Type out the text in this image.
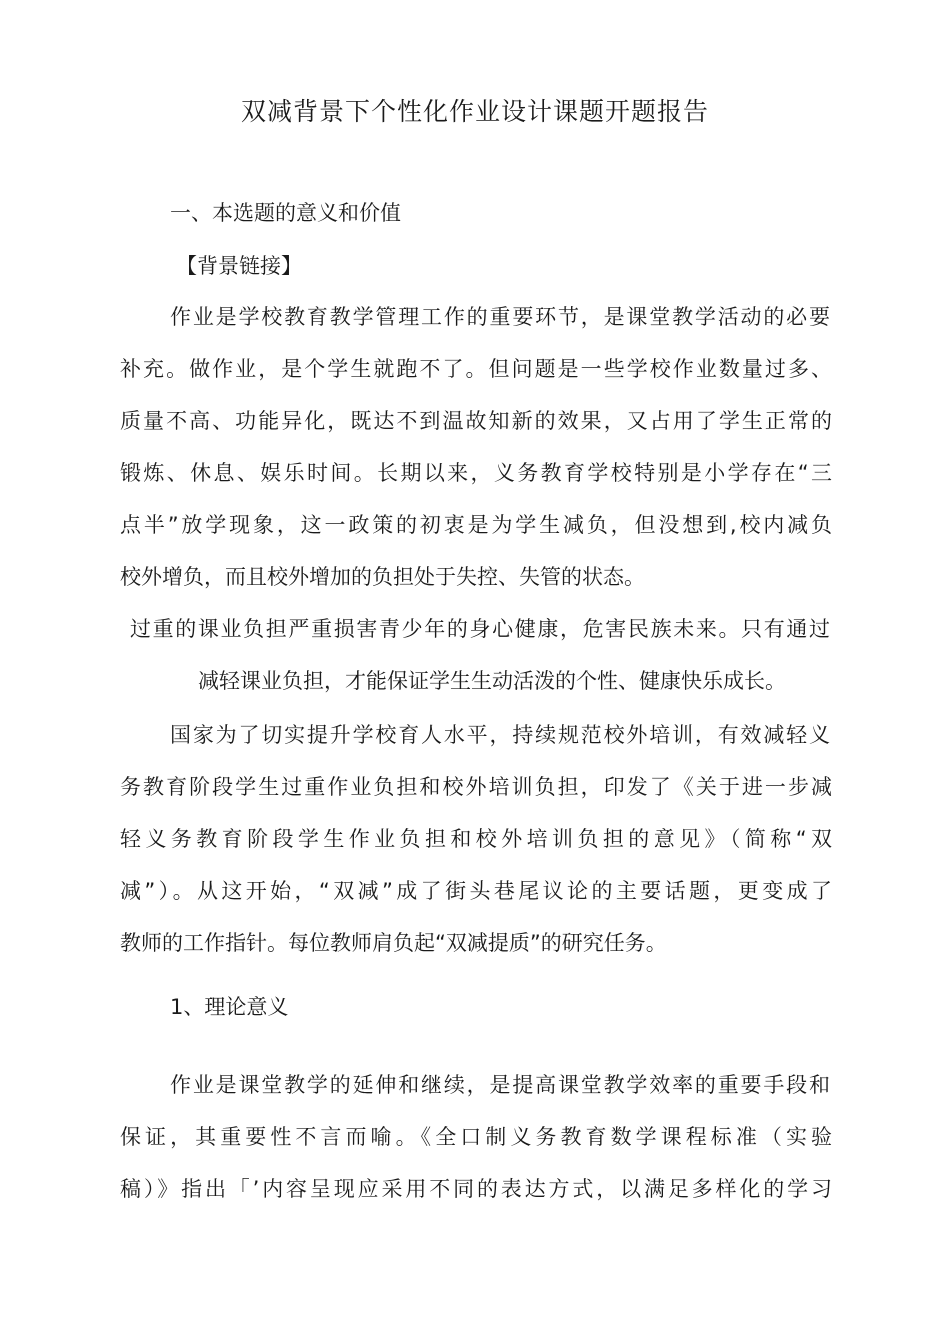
双减背景下个性化作业设计课题开题报告
一、本选题的意义和价值
【背景链接】
作业是学校教育教学管理工作的重要环节，是课堂教学活动的必要
补充。做作业，是个学生就跑不了。但问题是一些学校作业数量过多、
质量不高、功能异化，既达不到温故知新的效果，又占用了学生正常的
锻炼、休息、娱乐时间。长期以来，义务教育学校特别是小学存在“三
点半”放学现象，这一政策的初衷是为学生减负，但没想到,校内减负
校外增负，而且校外增加的负担处于失控、失管的状态。
过重的课业负担严重损害青少年的身心健康，危害民族未来。只有通过
减轻课业负担，才能保证学生生动活泼的个性、健康快乐成长。
国家为了切实提升学校育人水平，持续规范校外培训，有效减轻义
务教育阶段学生过重作业负担和校外培训负担，印发了《关于进一步减
轻义务教育阶段学生作业负担和校外培训负担的意见》（简称“双
减”）。从这开始，“双减”成了街头巷尾议论的主要话题，更变成了
教师的工作指针。每位教师肩负起“双减提质”的研究任务。
1、理论意义
作业是课堂教学的延伸和继续，是提高课堂教学效率的重要手段和
保证，其重要性不言而喻。《全口制义务教育数学课程标准（实验
稿）》指出「’内容呈现应采用不同的表达方式，以满足多样化的学习
